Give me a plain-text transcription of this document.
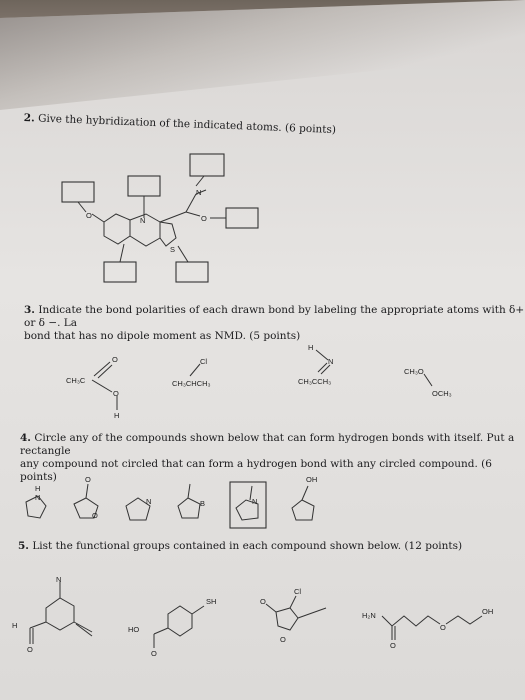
2. Give the hybridization of the indicated atoms. (6 points)
O
N
S
N
O
O
CH₃C
O
H
Cl
CH₃CHCH₃
H
N
CH₃CCH₃
CH₃O
OCH₃
N
H
O
O
N	B	N
OH
N
H
O
SH
HO
O
Cl
O
O
H₂N
O
OH
O
3. Indicate the bond polarities of each drawn bond by labeling the appropriate atoms with δ+ or δ −. La
bond that has no dipole moment as NMD. (5 points)
4. Circle any of the compounds shown below that can form hydrogen bonds with itself. Put a rectangle
any compound not circled that can form a hydrogen bond with any circled compound. (6 points)
5. List the functional groups contained in each compound shown below. (12 points)
